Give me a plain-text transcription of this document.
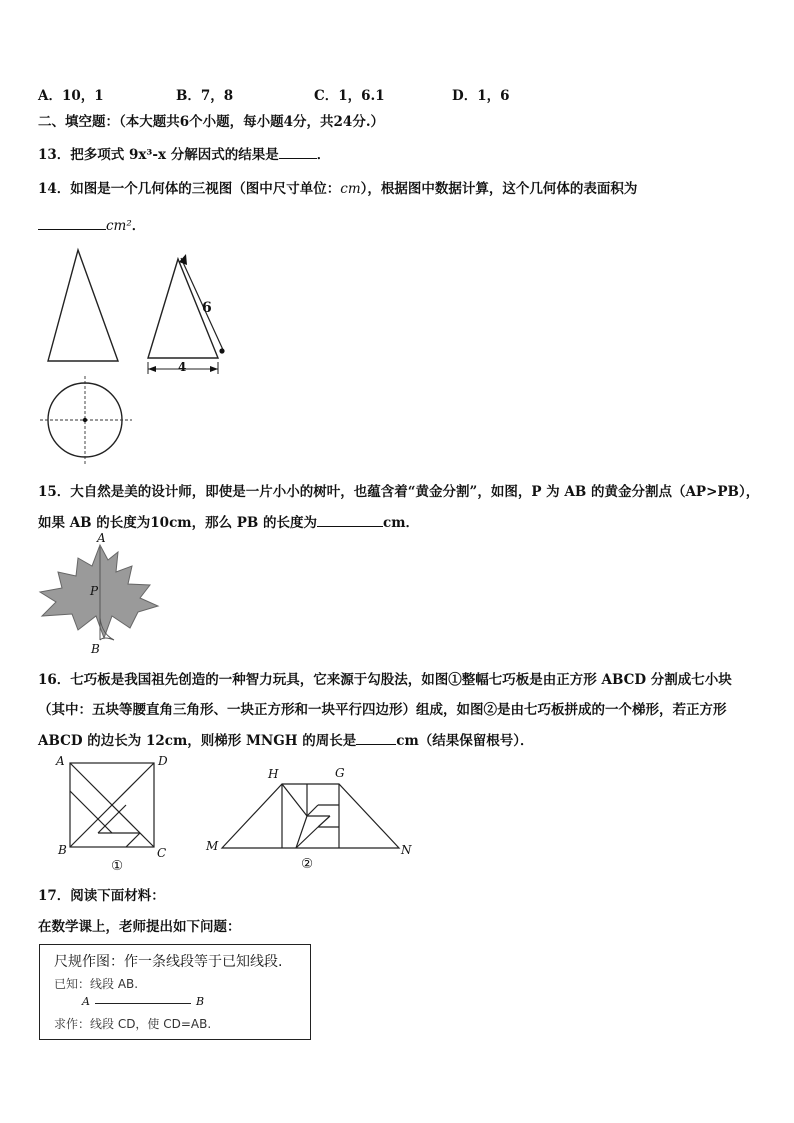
A．10，1	B．7，8	C．1，6.1	D．1，6
二、填空题：（本大题共6个小题，每小题4分，共24分.）
13．把多项式 9x³-x 分解因式的结果是	．
14．如图是一个几何体的三视图（图中尺寸单位：cm），根据图中数据计算，这个几何体的表面积为
cm²．
6
4
15．大自然是美的设计师，即使是一片小小的树叶，也蕴含着“黄金分割”，如图，P 为 AB 的黄金分割点（AP>PB），
如果 AB 的长度为10cm，那么 PB 的长度为	cm．
A
P
B
16．七巧板是我国祖先创造的一种智力玩具，它来源于勾股法，如图①整幅七巧板是由正方形 ABCD 分割成七小块
（其中：五块等腰直角三角形、一块正方形和一块平行四边形）组成，如图②是由七巧板拼成的一个梯形，若正方形
ABCD 的边长为 12cm，则梯形 MNGH 的周长是	cm（结果保留根号）．
A	D
B	C
①
H	G
M	N
②
17．阅读下面材料：
在数学课上，老师提出如下问题：
尺规作图：作一条线段等于已知线段.
已知：线段 AB.
A	B
求作：线段 CD，使 CD=AB.
